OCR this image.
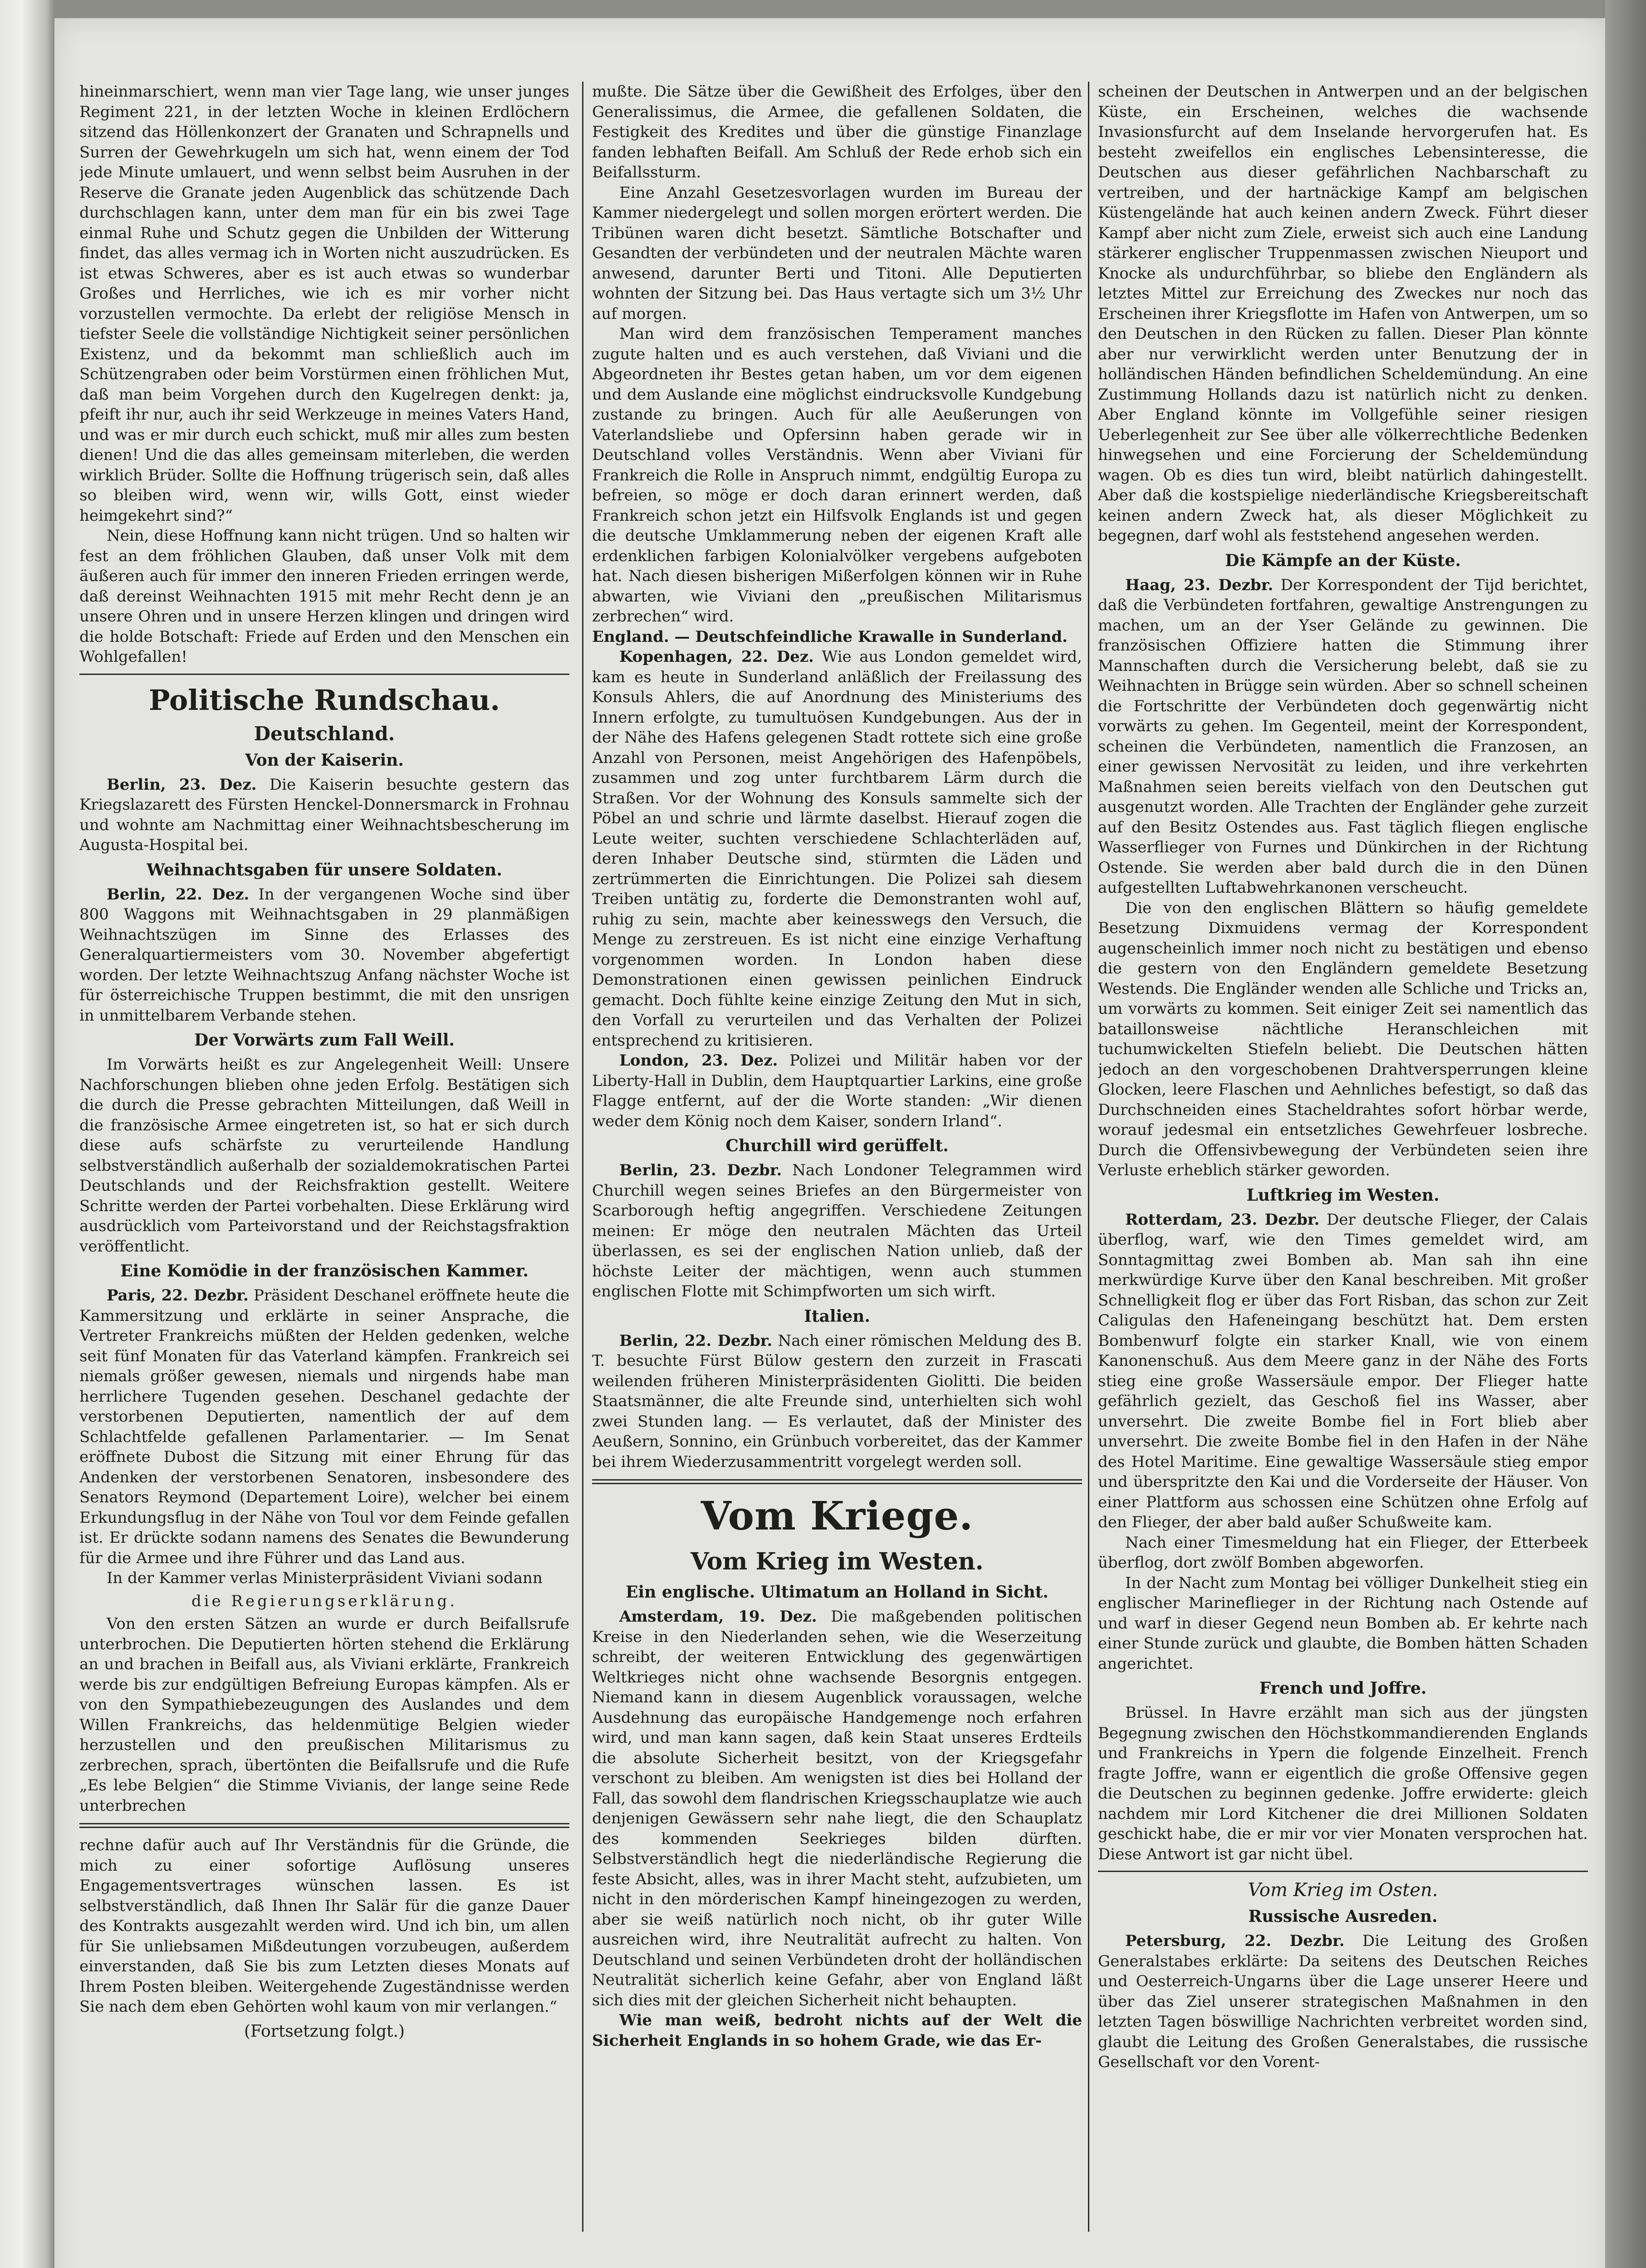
hineinmarschiert, wenn man vier Tage lang, wie unser junges Regiment 221, in der letzten Woche in kleinen Erdlöchern sitzend das Höllenkonzert der Granaten und Schrapnells und Surren der Gewehrkugeln um sich hat, wenn einem der Tod jede Minute umlauert, und wenn selbst beim Ausruhen in der Reserve die Granate jeden Augenblick das schützende Dach durchschlagen kann, unter dem man für ein bis zwei Tage einmal Ruhe und Schutz gegen die Unbilden der Witterung findet, das alles vermag ich in Worten nicht auszudrücken. Es ist etwas Schweres, aber es ist auch etwas so wunderbar Großes und Herrliches, wie ich es mir vorher nicht vorzustellen vermochte. Da erlebt der religiöse Mensch in tiefster Seele die vollständige Nichtigkeit seiner persönlichen Existenz, und da bekommt man schließlich auch im Schützengraben oder beim Vorstürmen einen fröhlichen Mut, daß man beim Vorgehen durch den Kugelregen denkt: ja, pfeift ihr nur, auch ihr seid Werkzeuge in meines Vaters Hand, und was er mir durch euch schickt, muß mir alles zum besten dienen! Und die das alles gemeinsam miterleben, die werden wirklich Brüder. Sollte die Hoffnung trügerisch sein, daß alles so bleiben wird, wenn wir, wills Gott, einst wieder heimgekehrt sind?“

Nein, diese Hoffnung kann nicht trügen. Und so halten wir fest an dem fröhlichen Glauben, daß unser Volk mit dem äußeren auch für immer den inneren Frieden erringen werde, daß dereinst Weihnachten 1915 mit mehr Recht denn je an unsere Ohren und in unsere Herzen klingen und dringen wird die holde Botschaft: Friede auf Erden und den Menschen ein Wohlgefallen!

Politische Rundschau.
Deutschland.
Von der Kaiserin.

Berlin, 23. Dez. Die Kaiserin besuchte gestern das Kriegslazarett des Fürsten Henckel-Donnersmarck in Frohnau und wohnte am Nachmittag einer Weihnachtsbescherung im Augusta-Hospital bei.

Weihnachtsgaben für unsere Soldaten.

Berlin, 22. Dez. In der vergangenen Woche sind über 800 Waggons mit Weihnachtsgaben in 29 planmäßigen Weihnachtszügen im Sinne des Erlasses des Generalquartiermeisters vom 30. November abgefertigt worden. Der letzte Weihnachtszug Anfang nächster Woche ist für österreichische Truppen bestimmt, die mit den unsrigen in unmittelbarem Verbande stehen.

Der Vorwärts zum Fall Weill.

Im Vorwärts heißt es zur Angelegenheit Weill: Unsere Nachforschungen blieben ohne jeden Erfolg. Bestätigen sich die durch die Presse gebrachten Mitteilungen, daß Weill in die französische Armee eingetreten ist, so hat er sich durch diese aufs schärfste zu verurteilende Handlung selbstverständlich außerhalb der sozialdemokratischen Partei Deutschlands und der Reichsfraktion gestellt. Weitere Schritte werden der Partei vorbehalten. Diese Erklärung wird ausdrücklich vom Parteivorstand und der Reichstagsfraktion veröffentlicht.

Eine Komödie in der französischen Kammer.

Paris, 22. Dezbr. Präsident Deschanel eröffnete heute die Kammersitzung und erklärte in seiner Ansprache, die Vertreter Frankreichs müßten der Helden gedenken, welche seit fünf Monaten für das Vaterland kämpfen. Frankreich sei niemals größer gewesen, niemals und nirgends habe man herrlichere Tugenden gesehen. Deschanel gedachte der verstorbenen Deputierten, namentlich der auf dem Schlachtfelde gefallenen Parlamentarier. — Im Senat eröffnete Dubost die Sitzung mit einer Ehrung für das Andenken der verstorbenen Senatoren, insbesondere des Senators Reymond (Departement Loire), welcher bei einem Erkundungsflug in der Nähe von Toul vor dem Feinde gefallen ist. Er drückte sodann namens des Senates die Bewunderung für die Armee und ihre Führer und das Land aus.

In der Kammer verlas Ministerpräsident Viviani sodann

die Regierungserklärung.

Von den ersten Sätzen an wurde er durch Beifallsrufe unterbrochen. Die Deputierten hörten stehend die Erklärung an und brachen in Beifall aus, als Viviani erklärte, Frankreich werde bis zur endgültigen Befreiung Europas kämpfen. Als er von den Sympathiebezeugungen des Auslandes und dem Willen Frankreichs, das heldenmütige Belgien wieder herzustellen und den preußischen Militarismus zu zerbrechen, sprach, übertönten die Beifallsrufe und die Rufe „Es lebe Belgien“ die Stimme Vivianis, der lange seine Rede unterbrechen

rechne dafür auch auf Ihr Verständnis für die Gründe, die mich zu einer sofortige Auflösung unseres Engagementsvertrages wünschen lassen. Es ist selbstverständlich, daß Ihnen Ihr Salär für die ganze Dauer des Kontrakts ausgezahlt werden wird. Und ich bin, um allen für Sie unliebsamen Mißdeutungen vorzubeugen, außerdem einverstanden, daß Sie bis zum Letzten dieses Monats auf Ihrem Posten bleiben. Weitergehende Zugeständnisse werden Sie nach dem eben Gehörten wohl kaum von mir verlangen.“

(Fortsetzung folgt.)

mußte. Die Sätze über die Gewißheit des Erfolges, über den Generalissimus, die Armee, die gefallenen Soldaten, die Festigkeit des Kredites und über die günstige Finanzlage fanden lebhaften Beifall. Am Schluß der Rede erhob sich ein Beifallssturm.

Eine Anzahl Gesetzesvorlagen wurden im Bureau der Kammer niedergelegt und sollen morgen erörtert werden. Die Tribünen waren dicht besetzt. Sämtliche Botschafter und Gesandten der verbündeten und der neutralen Mächte waren anwesend, darunter Berti und Titoni. Alle Deputierten wohnten der Sitzung bei. Das Haus vertagte sich um 3½ Uhr auf morgen.

Man wird dem französischen Temperament manches zugute halten und es auch verstehen, daß Viviani und die Abgeordneten ihr Bestes getan haben, um vor dem eigenen und dem Auslande eine möglichst eindrucksvolle Kundgebung zustande zu bringen. Auch für alle Aeußerungen von Vaterlandsliebe und Opfersinn haben gerade wir in Deutschland volles Verständnis. Wenn aber Viviani für Frankreich die Rolle in Anspruch nimmt, endgültig Europa zu befreien, so möge er doch daran erinnert werden, daß Frankreich schon jetzt ein Hilfsvolk Englands ist und gegen die deutsche Umklammerung neben der eigenen Kraft alle erdenklichen farbigen Kolonialvölker vergebens aufgeboten hat. Nach diesen bisherigen Mißerfolgen können wir in Ruhe abwarten, wie Viviani den „preußischen Militarismus zerbrechen“ wird.

England. — Deutschfeindliche Krawalle in Sunderland.

Kopenhagen, 22. Dez. Wie aus London gemeldet wird, kam es heute in Sunderland anläßlich der Freilassung des Konsuls Ahlers, die auf Anordnung des Ministeriums des Innern erfolgte, zu tumultuösen Kundgebungen. Aus der in der Nähe des Hafens gelegenen Stadt rottete sich eine große Anzahl von Personen, meist Angehörigen des Hafenpöbels, zusammen und zog unter furchtbarem Lärm durch die Straßen. Vor der Wohnung des Konsuls sammelte sich der Pöbel an und schrie und lärmte daselbst. Hierauf zogen die Leute weiter, suchten verschiedene Schlachterläden auf, deren Inhaber Deutsche sind, stürmten die Läden und zertrümmerten die Einrichtungen. Die Polizei sah diesem Treiben untätig zu, forderte die Demonstranten wohl auf, ruhig zu sein, machte aber keinesswegs den Versuch, die Menge zu zerstreuen. Es ist nicht eine einzige Verhaftung vorgenommen worden. In London haben diese Demonstrationen einen gewissen peinlichen Eindruck gemacht. Doch fühlte keine einzige Zeitung den Mut in sich, den Vorfall zu verurteilen und das Verhalten der Polizei entsprechend zu kritisieren.

London, 23. Dez. Polizei und Militär haben vor der Liberty-Hall in Dublin, dem Hauptquartier Larkins, eine große Flagge entfernt, auf der die Worte standen: „Wir dienen weder dem König noch dem Kaiser, sondern Irland“.

Churchill wird gerüffelt.

Berlin, 23. Dezbr. Nach Londoner Telegrammen wird Churchill wegen seines Briefes an den Bürgermeister von Scarborough heftig angegriffen. Verschiedene Zeitungen meinen: Er möge den neutralen Mächten das Urteil überlassen, es sei der englischen Nation unlieb, daß der höchste Leiter der mächtigen, wenn auch stummen englischen Flotte mit Schimpfworten um sich wirft.

Italien.

Berlin, 22. Dezbr. Nach einer römischen Meldung des B. T. besuchte Fürst Bülow gestern den zurzeit in Frascati weilenden früheren Ministerpräsidenten Giolitti. Die beiden Staatsmänner, die alte Freunde sind, unterhielten sich wohl zwei Stunden lang. — Es verlautet, daß der Minister des Aeußern, Sonnino, ein Grünbuch vorbereitet, das der Kammer bei ihrem Wiederzusammentritt vorgelegt werden soll.

Vom Kriege.
Vom Krieg im Westen.
Ein englische. Ultimatum an Holland in Sicht.

Amsterdam, 19. Dez. Die maßgebenden politischen Kreise in den Niederlanden sehen, wie die Weserzeitung schreibt, der weiteren Entwicklung des gegenwärtigen Weltkrieges nicht ohne wachsende Besorgnis entgegen. Niemand kann in diesem Augenblick voraussagen, welche Ausdehnung das europäische Handgemenge noch erfahren wird, und man kann sagen, daß kein Staat unseres Erdteils die absolute Sicherheit besitzt, von der Kriegsgefahr verschont zu bleiben. Am wenigsten ist dies bei Holland der Fall, das sowohl dem flandrischen Kriegsschauplatze wie auch denjenigen Gewässern sehr nahe liegt, die den Schauplatz des kommenden Seekrieges bilden dürften. Selbstverständlich hegt die niederländische Regierung die feste Absicht, alles, was in ihrer Macht steht, aufzubieten, um nicht in den mörderischen Kampf hineingezogen zu werden, aber sie weiß natürlich noch nicht, ob ihr guter Wille ausreichen wird, ihre Neutralität aufrecht zu halten. Von Deutschland und seinen Verbündeten droht der holländischen Neutralität sicherlich keine Gefahr, aber von England läßt sich dies mit der gleichen Sicherheit nicht behaupten.

Wie man weiß, bedroht nichts auf der Welt die Sicherheit Englands in so hohem Grade, wie das Er-

scheinen der Deutschen in Antwerpen und an der belgischen Küste, ein Erscheinen, welches die wachsende Invasionsfurcht auf dem Inselande hervorgerufen hat. Es besteht zweifellos ein englisches Lebensinteresse, die Deutschen aus dieser gefährlichen Nachbarschaft zu vertreiben, und der hartnäckige Kampf am belgischen Küstengelände hat auch keinen andern Zweck. Führt dieser Kampf aber nicht zum Ziele, erweist sich auch eine Landung stärkerer englischer Truppenmassen zwischen Nieuport und Knocke als undurchführbar, so bliebe den Engländern als letztes Mittel zur Erreichung des Zweckes nur noch das Erscheinen ihrer Kriegsflotte im Hafen von Antwerpen, um so den Deutschen in den Rücken zu fallen. Dieser Plan könnte aber nur verwirklicht werden unter Benutzung der in holländischen Händen befindlichen Scheldemündung. An eine Zustimmung Hollands dazu ist natürlich nicht zu denken. Aber England könnte im Vollgefühle seiner riesigen Ueberlegenheit zur See über alle völkerrechtliche Bedenken hinwegsehen und eine Forcierung der Scheldemündung wagen. Ob es dies tun wird, bleibt natürlich dahingestellt. Aber daß die kostspielige niederländische Kriegsbereitschaft keinen andern Zweck hat, als dieser Möglichkeit zu begegnen, darf wohl als feststehend angesehen werden.

Die Kämpfe an der Küste.

Haag, 23. Dezbr. Der Korrespondent der Tijd berichtet, daß die Verbündeten fortfahren, gewaltige Anstrengungen zu machen, um an der Yser Gelände zu gewinnen. Die französischen Offiziere hatten die Stimmung ihrer Mannschaften durch die Versicherung belebt, daß sie zu Weihnachten in Brügge sein würden. Aber so schnell scheinen die Fortschritte der Verbündeten doch gegenwärtig nicht vorwärts zu gehen. Im Gegenteil, meint der Korrespondent, scheinen die Verbündeten, namentlich die Franzosen, an einer gewissen Nervosität zu leiden, und ihre verkehrten Maßnahmen seien bereits vielfach von den Deutschen gut ausgenutzt worden. Alle Trachten der Engländer gehe zurzeit auf den Besitz Ostendes aus. Fast täglich fliegen englische Wasserflieger von Furnes und Dünkirchen in der Richtung Ostende. Sie werden aber bald durch die in den Dünen aufgestellten Luftabwehrkanonen verscheucht.

Die von den englischen Blättern so häufig gemeldete Besetzung Dixmuidens vermag der Korrespondent augenscheinlich immer noch nicht zu bestätigen und ebenso die gestern von den Engländern gemeldete Besetzung Westends. Die Engländer wenden alle Schliche und Tricks an, um vorwärts zu kommen. Seit einiger Zeit sei namentlich das bataillonsweise nächtliche Heranschleichen mit tuchumwickelten Stiefeln beliebt. Die Deutschen hätten jedoch an den vorgeschobenen Drahtversperrungen kleine Glocken, leere Flaschen und Aehnliches befestigt, so daß das Durchschneiden eines Stacheldrahtes sofort hörbar werde, worauf jedesmal ein entsetzliches Gewehrfeuer losbreche. Durch die Offensivbewegung der Verbündeten seien ihre Verluste erheblich stärker geworden.

Luftkrieg im Westen.

Rotterdam, 23. Dezbr. Der deutsche Flieger, der Calais überflog, warf, wie den Times gemeldet wird, am Sonntagmittag zwei Bomben ab. Man sah ihn eine merkwürdige Kurve über den Kanal beschreiben. Mit großer Schnelligkeit flog er über das Fort Risban, das schon zur Zeit Caligulas den Hafeneingang beschützt hat. Dem ersten Bombenwurf folgte ein starker Knall, wie von einem Kanonenschuß. Aus dem Meere ganz in der Nähe des Forts stieg eine große Wassersäule empor. Der Flieger hatte gefährlich gezielt, das Geschoß fiel ins Wasser, aber unversehrt. Die zweite Bombe fiel in Fort blieb aber unversehrt. Die zweite Bombe fiel in den Hafen in der Nähe des Hotel Maritime. Eine gewaltige Wassersäule stieg empor und überspritzte den Kai und die Vorderseite der Häuser. Von einer Plattform aus schossen eine Schützen ohne Erfolg auf den Flieger, der aber bald außer Schußweite kam.

Nach einer Timesmeldung hat ein Flieger, der Etterbeek überflog, dort zwölf Bomben abgeworfen.

In der Nacht zum Montag bei völliger Dunkelheit stieg ein englischer Marineflieger in der Richtung nach Ostende auf und warf in dieser Gegend neun Bomben ab. Er kehrte nach einer Stunde zurück und glaubte, die Bomben hätten Schaden angerichtet.

French und Joffre.

Brüssel. In Havre erzählt man sich aus der jüngsten Begegnung zwischen den Höchstkommandierenden Englands und Frankreichs in Ypern die folgende Einzelheit. French fragte Joffre, wann er eigentlich die große Offensive gegen die Deutschen zu beginnen gedenke. Joffre erwiderte: gleich nachdem mir Lord Kitchener die drei Millionen Soldaten geschickt habe, die er mir vor vier Monaten versprochen hat. Diese Antwort ist gar nicht übel.

Vom Krieg im Osten.
Russische Ausreden.

Petersburg, 22. Dezbr. Die Leitung des Großen Generalstabes erklärte: Da seitens des Deutschen Reiches und Oesterreich-Ungarns über die Lage unserer Heere und über das Ziel unserer strategischen Maßnahmen in den letzten Tagen böswillige Nachrichten verbreitet worden sind, glaubt die Leitung des Großen Generalstabes, die russische Gesellschaft vor den Vorent-
